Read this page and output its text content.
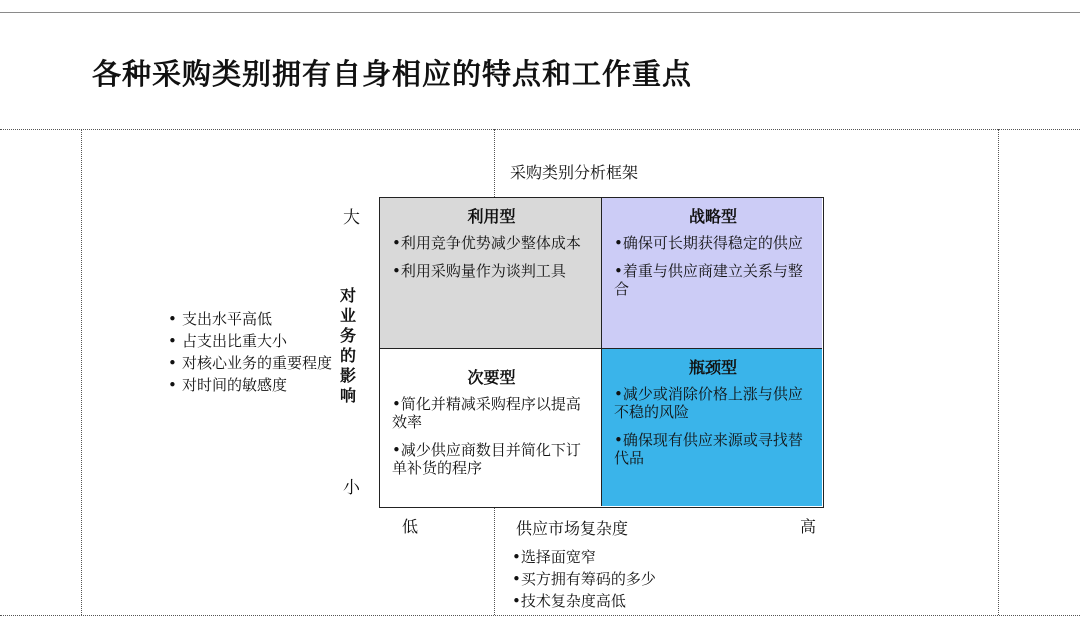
各种采购类别拥有自身相应的特点和工作重点
采购类别分析框架
• 支出水平高低
• 占支出比重大小
• 对核心业务的重要程度
• 对时间的敏感度
大
小
对
业
务
的
影
响
利用型
•利用竞争优势减少整体成本
•利用采购量作为谈判工具
战略型
•确保可长期获得稳定的供应
•着重与供应商建立关系与整合
次要型
•简化并精减采购程序以提高效率
•减少供应商数目并简化下订单补货的程序
瓶颈型
•减少或消除价格上涨与供应不稳的风险
•确保现有供应来源或寻找替代品
低	供应市场复杂度	高
•选择面宽窄
•买方拥有筹码的多少
•技术复杂度高低
